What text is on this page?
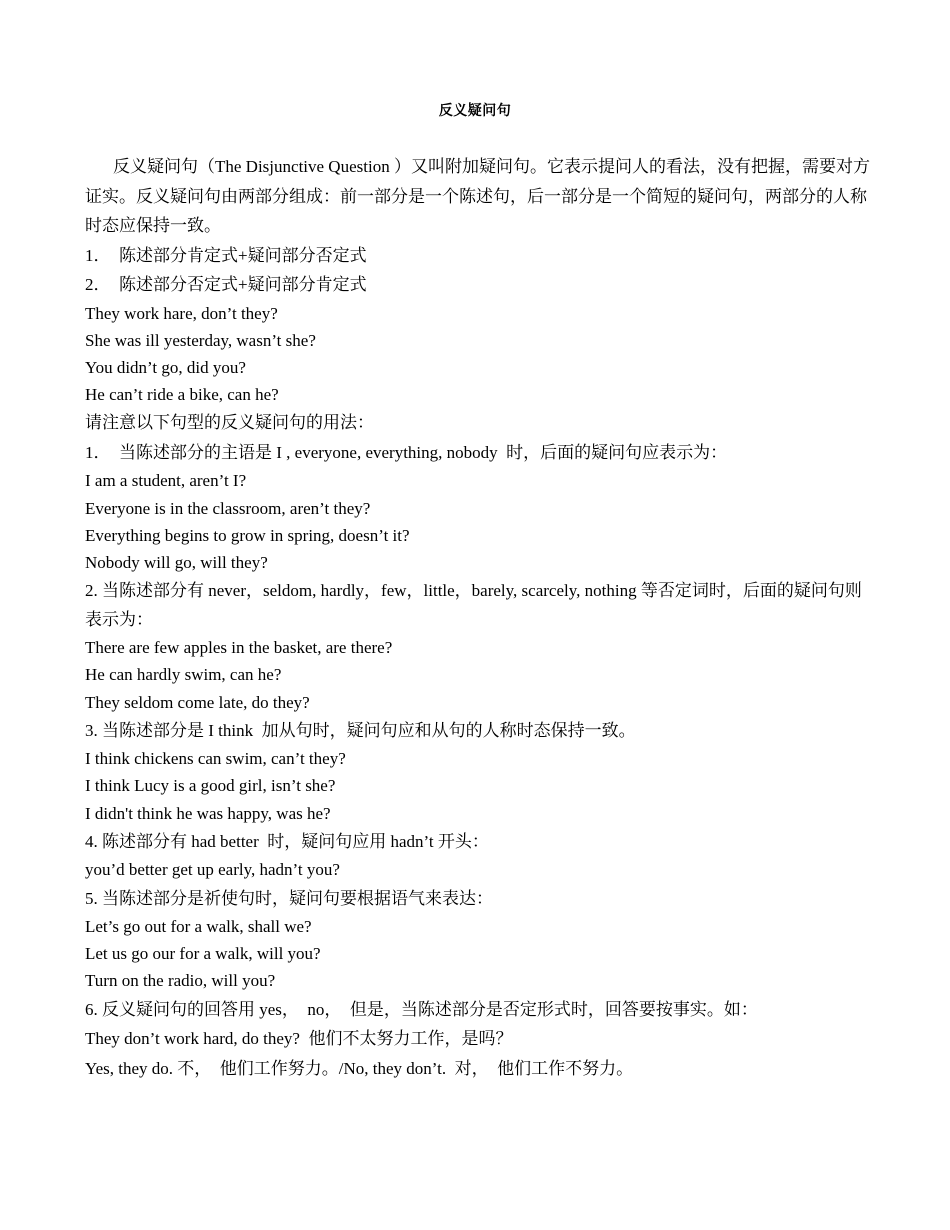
反义疑问句

反义疑问句（The Disjunctive Question ）又叫附加疑问句。它表示提问人的看法，没有把握，需要对方证实。反义疑问句由两部分组成：前一部分是一个陈述句，后一部分是一个简短的疑问句，两部分的人称时态应保持一致。

1．  陈述部分肯定式+疑问部分否定式

2．  陈述部分否定式+疑问部分肯定式

They work hare, don’t they?

She was ill yesterday, wasn’t she?

You didn’t go, did you?

He can’t ride a bike, can he?

请注意以下句型的反义疑问句的用法：

1．  当陈述部分的主语是 I , everyone, everything, nobody  时，后面的疑问句应表示为：

I am a student, aren’t I?

Everyone is in the classroom, aren’t they?

Everything begins to grow in spring, doesn’t it?

Nobody will go, will they?

2. 当陈述部分有 never，seldom, hardly，few，little，barely, scarcely, nothing 等否定词时，后面的疑问句则表示为：

There are few apples in the basket, are there?

He can hardly swim, can he?

They seldom come late, do they?

3. 当陈述部分是 I think  加从句时，疑问句应和从句的人称时态保持一致。

I think chickens can swim, can’t they?

I think Lucy is a good girl, isn’t she?

I didn't think he was happy, was he?

4. 陈述部分有 had better  时，疑问句应用 hadn’t 开头：

you’d better get up early, hadn’t you?

5. 当陈述部分是祈使句时，疑问句要根据语气来表达：

Let’s go out for a walk, shall we?

Let us go our for a walk, will you?

Turn on the radio, will you?

6. 反义疑问句的回答用 yes，  no，  但是，当陈述部分是否定形式时，回答要按事实。如：

They don’t work hard, do they?  他们不太努力工作，是吗？

Yes, they do. 不，  他们工作努力。/No, they don’t.  对，  他们工作不努力。
